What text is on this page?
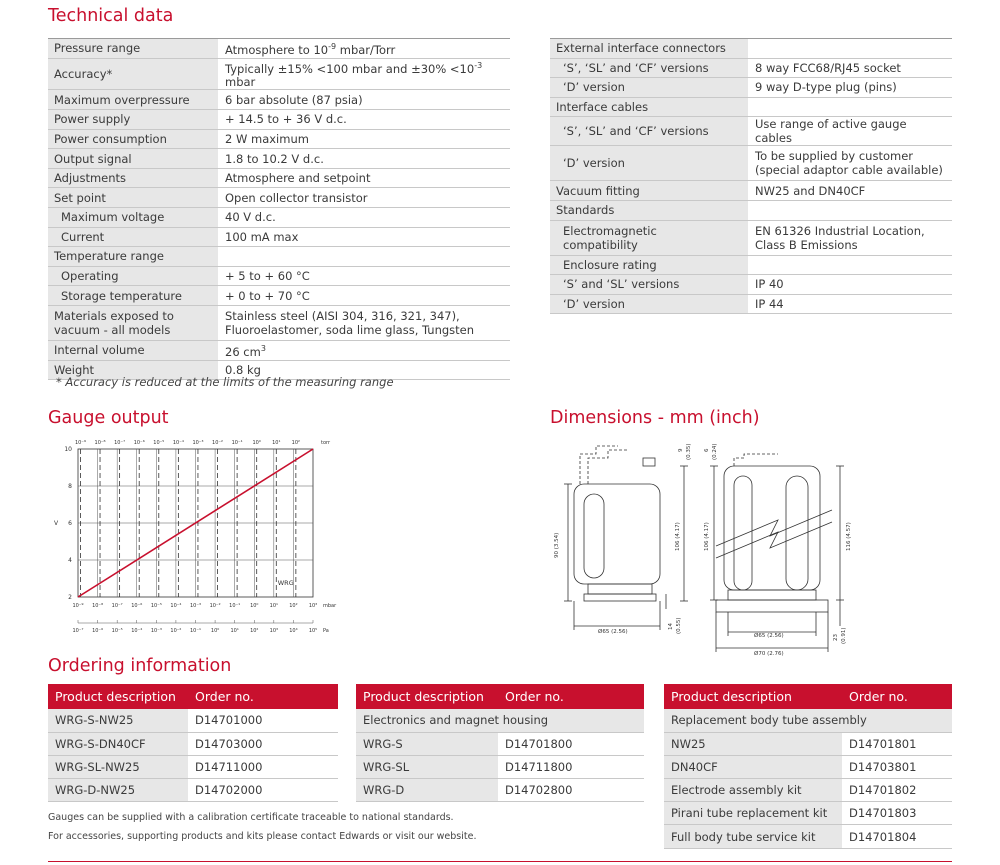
Technical data
Pressure range	Atmosphere to $10^{-9}$ mbar/Torr
Accuracy*	Typically ±15% <100 mbar and $\pm 30\% <10^{-3}$ mbar
Maximum overpressure	6 bar absolute (87 psia)
Power supply	+ 14.5 to + 36 V d.c.
Power consumption	2 W maximum
Output signal	1.8 to 10.2 V d.c.
Adjustments	Atmosphere and setpoint
Set point	Open collector transistor
Maximum voltage	40 V d.c.
Current	100 mA max
Temperature range	
Operating	+ 5 to + 60 °C
Storage temperature	+ 0 to + 70 °C
Materials exposed to
vacuum - all models	Stainless steel (AISI 304, 316, 321, 347),
Fluoroelastomer, soda lime glass, Tungsten
Internal volume	26 $cm^3$
Weight	0.8 kg
* Accuracy is reduced at the limits of the measuring range
External interface connectors	
‘S’, ‘SL’ and ‘CF’ versions	8 way FCC68/RJ45 socket
‘D’ version	9 way D-type plug (pins)
Interface cables	
‘S’, ‘SL’ and ‘CF’ versions	Use range of active gauge cables
‘D’ version	To be supplied by customer
(special adaptor cable available)
Vacuum fitting	NW25 and DN40CF
Standards	
Electromagnetic
compatibility	EN 61326 Industrial Location,
Class B Emissions
Enclosure rating	
‘S’ and ‘SL’ versions	IP 40
‘D’ version	IP 44
Gauge output
2
4
6
8
10
10⁻⁹ 10⁻⁸ 10⁻⁷ 10⁻⁶ 10⁻⁵ 10⁻⁴ 10⁻³ 10⁻² 10⁻¹ 10⁰ 10¹ 10²	torr
10⁻⁹ 10⁻⁸ 10⁻⁷ 10⁻⁶ 10⁻⁵ 10⁻⁴ 10⁻³ 10⁻² 10⁻¹ 10⁰ 10¹ 10² 10³ mbar
10⁻⁷ 10⁻⁶ 10⁻⁵ 10⁻⁴ 10⁻³ 10⁻² 10⁻¹ 10⁰ 10¹ 10² 10³ 10⁴ 10⁵ Pa
V
WRG
Dimensions - mm (inch)
90 (3.54)	106 (4.17)	106 (4.17)	116 (4.57)
9 (0.35) 6 (0.24)
14 (0.55)
Ø65 (2.56)
Ø65 (2.56)
Ø70 (2.76)
23 (0.91)
Ordering information
Product description	Order no.
WRG-S-NW25	D14701000
WRG-S-DN40CF	D14703000
WRG-SL-NW25	D14711000
WRG-D-NW25	D14702000
Product description	Order no.
Electronics and magnet housing	
WRG-S	D14701800
WRG-SL	D14711800
WRG-D	D14702800
Product description	Order no.
Replacement body tube assembly	
NW25	D14701801
DN40CF	D14703801
Electrode assembly kit	D14701802
Pirani tube replacement kit	D14701803
Full body tube service kit	D14701804
Gauges can be supplied with a calibration certificate traceable to national standards.
For accessories, supporting products and kits please contact Edwards or visit our website.
